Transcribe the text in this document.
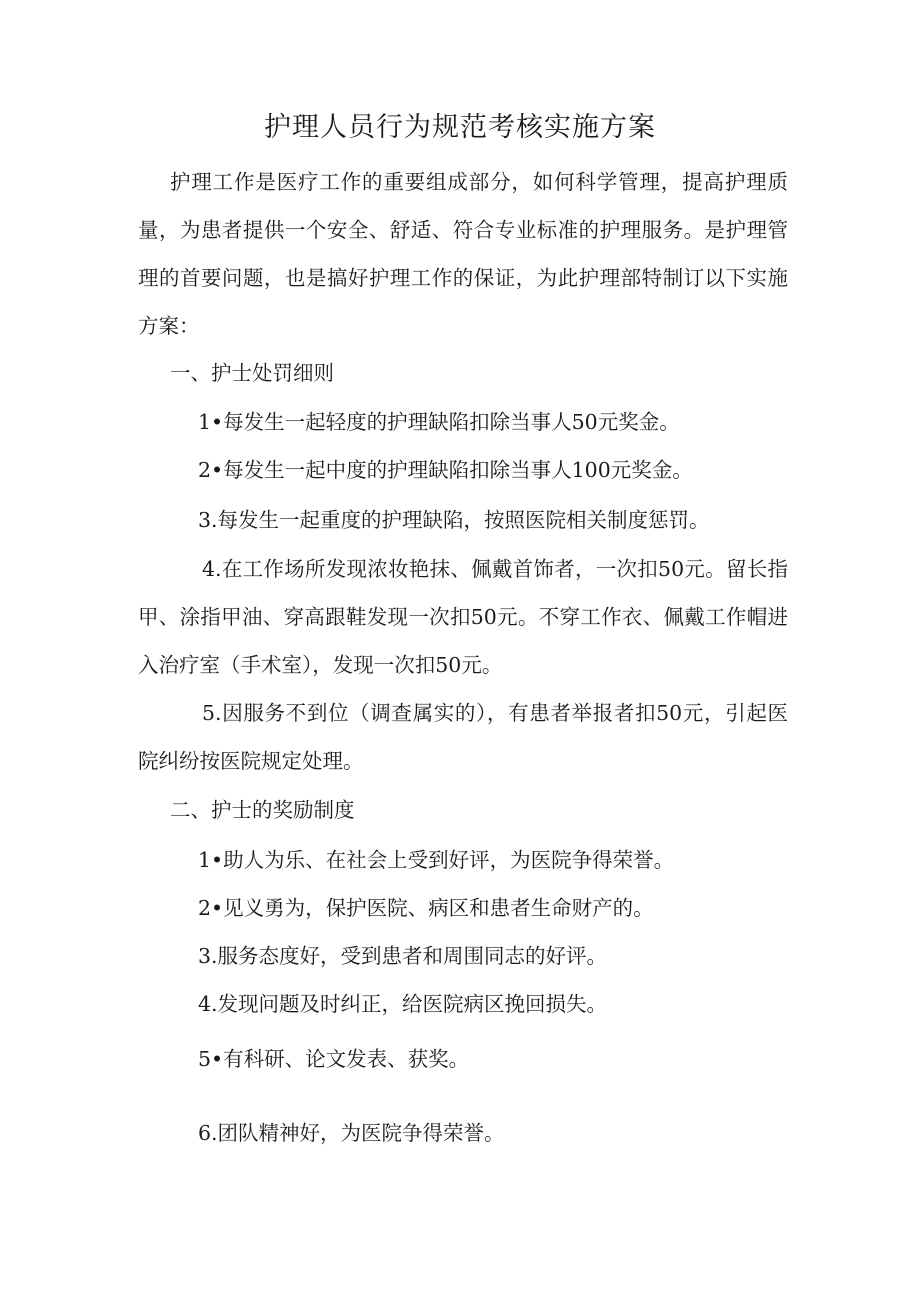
护理人员行为规范考核实施方案

护理工作是医疗工作的重要组成部分，如何科学管理，提高护理质量，为患者提供一个安全、舒适、符合专业标准的护理服务。是护理管理的首要问题，也是搞好护理工作的保证，为此护理部特制订以下实施方案：

一、护士处罚细则

1•每发生一起轻度的护理缺陷扣除当事人50元奖金。

2•每发生一起中度的护理缺陷扣除当事人100元奖金。

3.每发生一起重度的护理缺陷，按照医院相关制度惩罚。

4.在工作场所发现浓妆艳抹、佩戴首饰者，一次扣50元。留长指甲、涂指甲油、穿高跟鞋发现一次扣50元。不穿工作衣、佩戴工作帽进入治疗室（手术室），发现一次扣50元。

5.因服务不到位（调查属实的），有患者举报者扣50元，引起医院纠纷按医院规定处理。

二、护士的奖励制度

1•助人为乐、在社会上受到好评，为医院争得荣誉。

2•见义勇为，保护医院、病区和患者生命财产的。

3.服务态度好，受到患者和周围同志的好评。

4.发现问题及时纠正，给医院病区挽回损失。

5•有科研、论文发表、获奖。

6.团队精神好，为医院争得荣誉。
